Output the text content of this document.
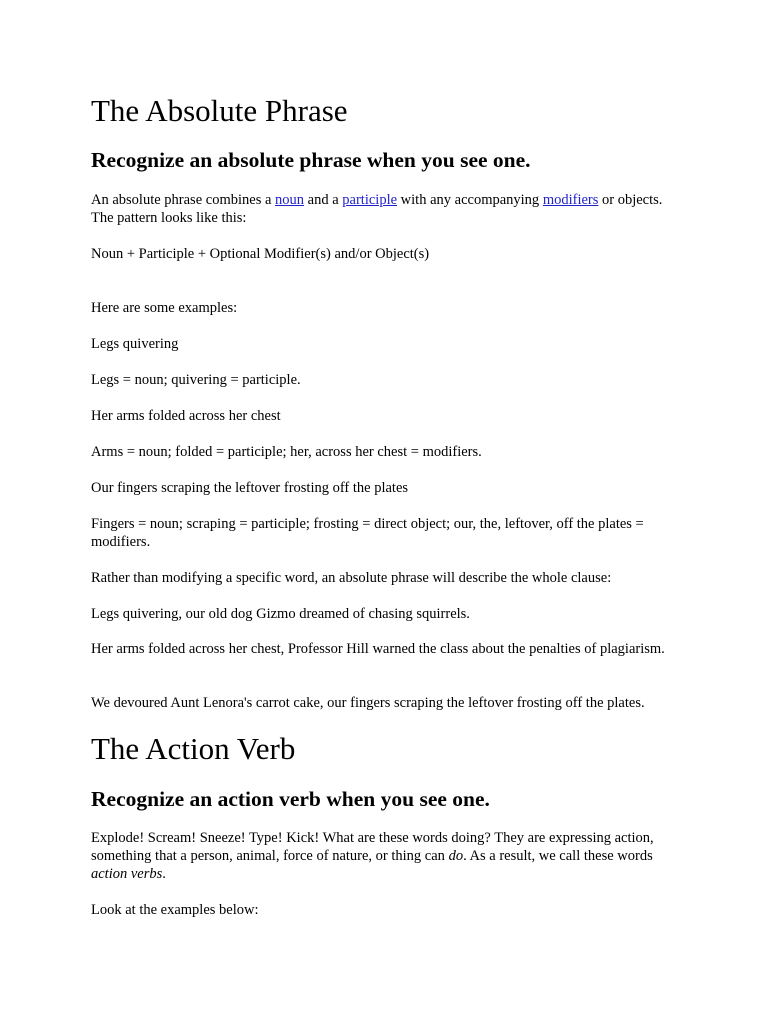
The Absolute Phrase
Recognize an absolute phrase when you see one.

An absolute phrase combines a noun and a participle with any accompanying modifiers or objects. The pattern looks like this:

Noun + Participle + Optional Modifier(s) and/or Object(s)

Here are some examples:

Legs quivering

Legs = noun; quivering = participle.

Her arms folded across her chest

Arms = noun; folded = participle; her, across her chest = modifiers.

Our fingers scraping the leftover frosting off the plates

Fingers = noun; scraping = participle; frosting = direct object; our, the, leftover, off the plates = modifiers.

Rather than modifying a specific word, an absolute phrase will describe the whole clause:

Legs quivering, our old dog Gizmo dreamed of chasing squirrels.

Her arms folded across her chest, Professor Hill warned the class about the penalties of plagiarism.

We devoured Aunt Lenora's carrot cake, our fingers scraping the leftover frosting off the plates.

The Action Verb
Recognize an action verb when you see one.

Explode! Scream! Sneeze! Type! Kick! What are these words doing? They are expressing action, something that a person, animal, force of nature, or thing can do. As a result, we call these words action verbs.

Look at the examples below:
